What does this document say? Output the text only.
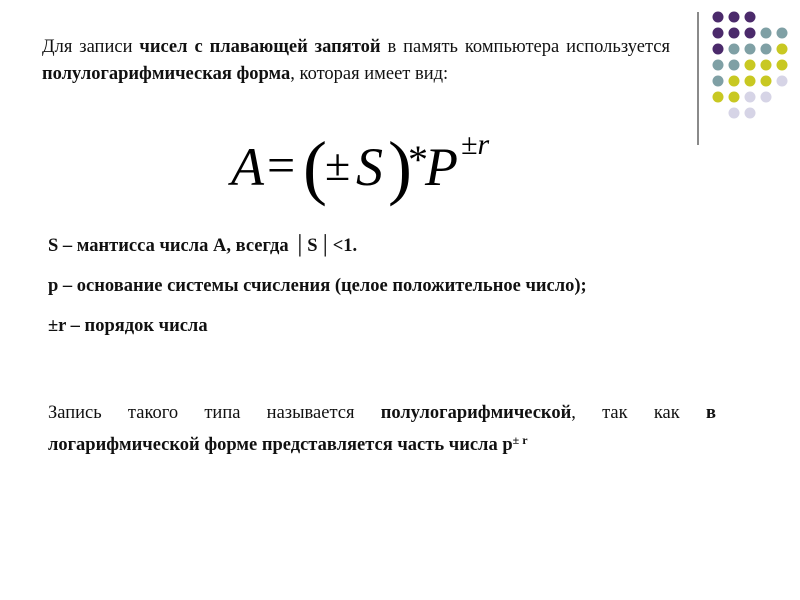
Для записи чисел с плавающей запятой в память компьютера используется полулогарифмическая форма, которая имеет вид:

A = (
± S )
*
P ±r
S – мантисса числа А, всегда │S│<1.
р – основание системы счисления (целое положительное число);
±r – порядок числа

Запись такого типа называется полулогарифмической, так как в логарифмической форме представляется часть числа $р^{\pm r}$
